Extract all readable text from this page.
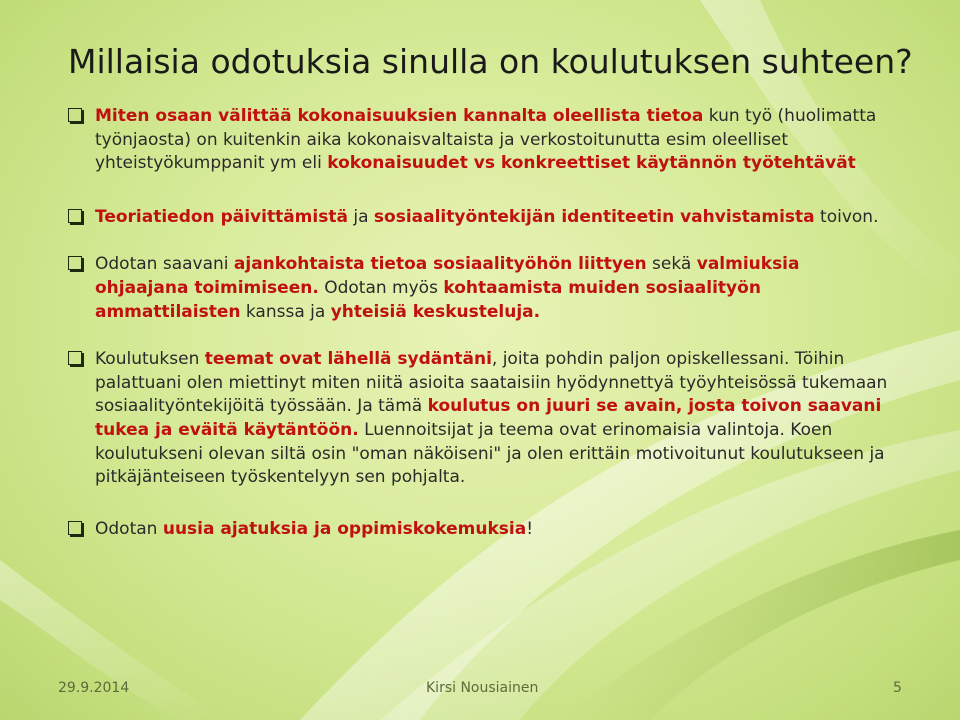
Millaisia odotuksia sinulla on koulutuksen suhteen?
Miten osaan välittää kokonaisuuksien kannalta oleellista tietoa kun työ (huolimatta työnjaosta) on kuitenkin aika kokonaisvaltaista ja verkostoitunutta esim oleelliset yhteistyökumppanit ym eli kokonaisuudet vs konkreettiset käytännön työtehtävät
Teoriatiedon päivittämistä ja sosiaalityöntekijän identiteetin vahvistamista toivon.
Odotan saavani ajankohtaista tietoa sosiaalityöhön liittyen sekä valmiuksia ohjaajana toimimiseen. Odotan myös kohtaamista muiden sosiaalityön ammattilaisten kanssa ja yhteisiä keskusteluja.
Koulutuksen teemat ovat lähellä sydäntäni, joita pohdin paljon opiskellessani. Töihin palattuani olen miettinyt miten niitä asioita saataisiin hyödynnettyä työyhteisössä tukemaan sosiaalityöntekijöitä työssään. Ja tämä koulutus on juuri se avain, josta toivon saavani tukea ja eväitä käytäntöön. Luennoitsijat ja teema ovat erinomaisia valintoja. Koen koulutukseni olevan siltä osin "oman näköiseni" ja olen erittäin motivoitunut koulutukseen ja pitkäjänteiseen työskentelyyn sen pohjalta.
Odotan uusia ajatuksia ja oppimiskokemuksia!
29.9.2014	Kirsi Nousiainen	5
